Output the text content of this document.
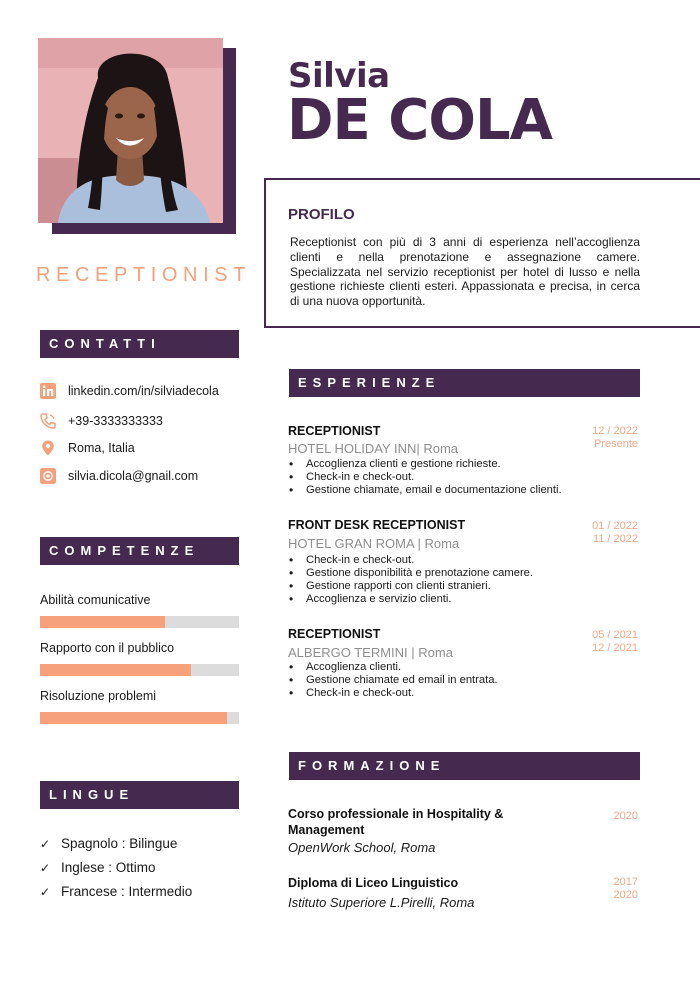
RECEPTIONIST
Silvia
DE COLA
PROFILO
Receptionist con più di 3 anni di esperienza nell’accoglienza clienti e nella prenotazione e assegnazione camere. Specializzata nel servizio receptionist per hotel di lusso e nella gestione richieste clienti esteri. Appassionata e precisa, in cerca di una nuova opportunità.
CONTATTI
linkedin.com/in/silviadecola
+39-3333333333
Roma, Italia
silvia.dicola@gnail.com
COMPETENZE
Abilità comunicative
Rapporto con il pubblico
Risoluzione problemi
LINGUE
✓ Spagnolo : Bilingue
✓ Inglese : Ottimo
✓ Francese : Intermedio
ESPERIENZE
RECEPTIONIST
HOTEL HOLIDAY INN| Roma
12 / 2022
Presente
• Accoglienza clienti e gestione richieste.
• Check-in e check-out.
• Gestione chiamate, email e documentazione clienti.
FRONT DESK RECEPTIONIST
HOTEL GRAN ROMA | Roma
01 / 2022
11 / 2022
• Check-in e check-out.
• Gestione disponibilità e prenotazione camere.
• Gestione rapporti con clienti stranieri.
• Accoglienza e servizio clienti.
RECEPTIONIST
ALBERGO TERMINI | Roma
05 / 2021
12 / 2021
• Accoglienza clienti.
• Gestione chiamate ed email in entrata.
• Check-in e check-out.
FORMAZIONE
Corso professionale in Hospitality & Management
OpenWork School, Roma
2020
Diploma di Liceo Linguistico
Istituto Superiore L.Pirelli, Roma
2017
2020
